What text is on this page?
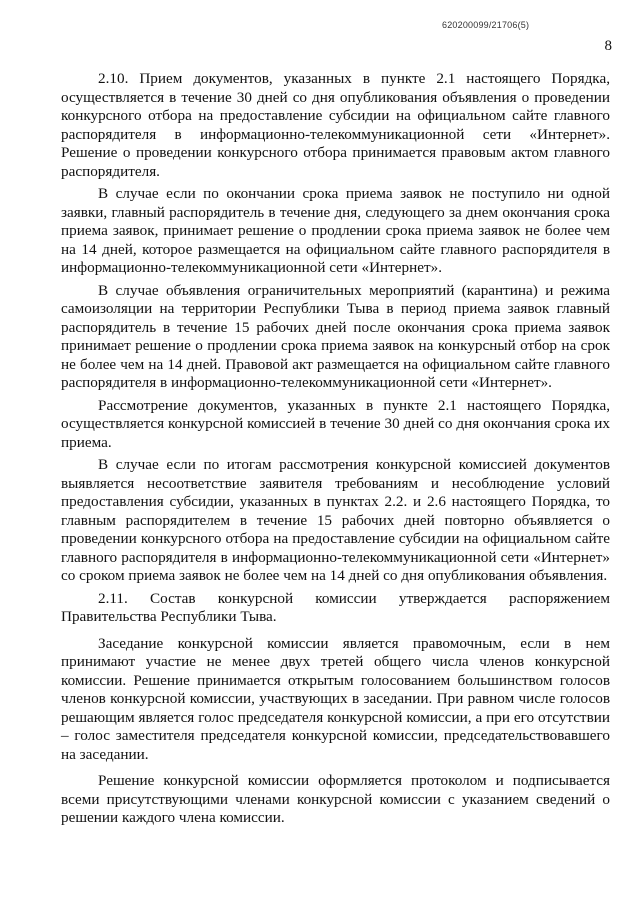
620200099/21706(5)
8

2.10. Прием документов, указанных в пункте 2.1 настоящего Порядка, осуществляется в течение 30 дней со дня опубликования объявления о проведении конкурсного отбора на предоставление субсидии на официальном сайте главного распорядителя в информационно-телекоммуникационной сети «Интернет». Решение о проведении конкурсного отбора принимается правовым актом главного распорядителя.

В случае если по окончании срока приема заявок не поступило ни одной заявки, главный распорядитель в течение дня, следующего за днем окончания срока приема заявок, принимает решение о продлении срока приема заявок не более чем на 14 дней, которое размещается на официальном сайте главного распорядителя в информационно-телекоммуникационной сети «Интернет».

В случае объявления ограничительных мероприятий (карантина) и режима самоизоляции на территории Республики Тыва в период приема заявок главный распорядитель в течение 15 рабочих дней после окончания срока приема заявок принимает решение о продлении срока приема заявок на конкурсный отбор на срок не более чем на 14 дней. Правовой акт размещается на официальном сайте главного распорядителя в информационно-телекоммуникационной сети «Интернет».

Рассмотрение документов, указанных в пункте 2.1 настоящего Порядка, осуществляется конкурсной комиссией в течение 30 дней со дня окончания срока их приема.

В случае если по итогам рассмотрения конкурсной комиссией документов выявляется несоответствие заявителя требованиям и несоблюдение условий предоставления субсидии, указанных в пунктах 2.2. и 2.6 настоящего Порядка, то главным распорядителем в течение 15 рабочих дней повторно объявляется о проведении конкурсного отбора на предоставление субсидии на официальном сайте главного распорядителя в информационно-телекоммуникационной сети «Интернет» со сроком приема заявок не более чем на 14 дней со дня опубликования объявления.

2.11. Состав конкурсной комиссии утверждается распоряжением Правительства Республики Тыва.

Заседание конкурсной комиссии является правомочным, если в нем принимают участие не менее двух третей общего числа членов конкурсной комиссии. Решение принимается открытым голосованием большинством голосов членов конкурсной комиссии, участвующих в заседании. При равном числе голосов решающим является голос председателя конкурсной комиссии, а при его отсутствии – голос заместителя председателя конкурсной комиссии, председательствовавшего на заседании.

Решение конкурсной комиссии оформляется протоколом и подписывается всеми присутствующими членами конкурсной комиссии с указанием сведений о решении каждого члена комиссии.
